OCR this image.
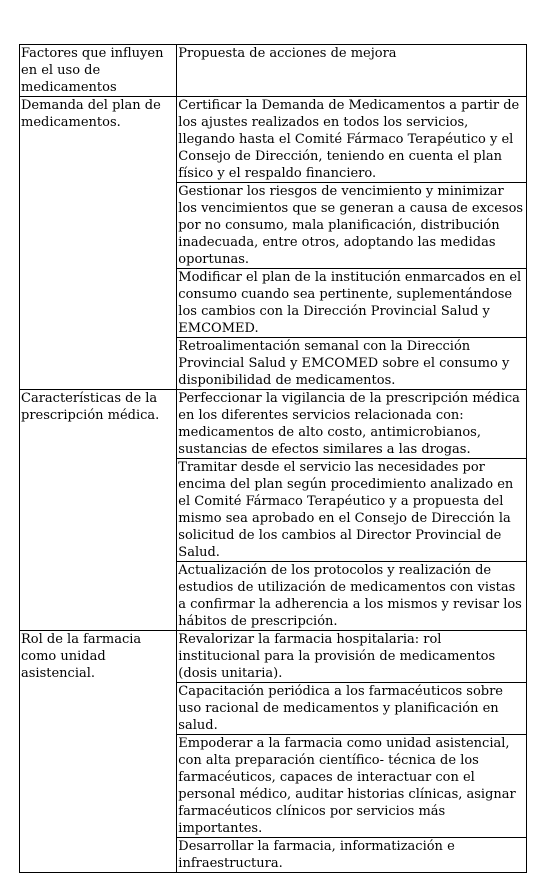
Factores que influyen en el uso de medicamentos	Propuesta de acciones de mejora
Demanda del plan de medicamentos.	Certificar la Demanda de Medicamentos a partir de los ajustes realizados en todos los servicios, llegando hasta el Comité Fármaco Terapéutico y el Consejo de Dirección, teniendo en cuenta el plan físico y el respaldo financiero.
	Gestionar los riesgos de vencimiento y minimizar los vencimientos que se generan a causa de excesos por no consumo, mala planificación, distribución inadecuada, entre otros, adoptando las medidas oportunas.
	Modificar el plan de la institución enmarcados en el consumo cuando sea pertinente, suplementándose los cambios con la Dirección Provincial Salud y EMCOMED.
	Retroalimentación semanal con la Dirección Provincial Salud y EMCOMED sobre el consumo y disponibilidad de medicamentos.
Características de la prescripción médica.	Perfeccionar la vigilancia de la prescripción médica en los diferentes servicios relacionada con: medicamentos de alto costo, antimicrobianos, sustancias de efectos similares a las drogas.
	Tramitar desde el servicio las necesidades por encima del plan según procedimiento analizado en el Comité Fármaco Terapéutico y a propuesta del mismo sea aprobado en el Consejo de Dirección la solicitud de los cambios al Director Provincial de Salud.
	Actualización de los protocolos y realización de estudios de utilización de medicamentos con vistas a confirmar la adherencia a los mismos y revisar los hábitos de prescripción.
Rol de la farmacia como unidad asistencial.	Revalorizar la farmacia hospitalaria: rol institucional para la provisión de medicamentos (dosis unitaria).
	Capacitación periódica a los farmacéuticos sobre uso racional de medicamentos y planificación en salud.
	Empoderar a la farmacia como unidad asistencial, con alta preparación científico- técnica de los farmacéuticos, capaces de interactuar con el personal médico, auditar historias clínicas, asignar farmacéuticos clínicos por servicios más importantes.
	Desarrollar la farmacia, informatización e infraestructura.
